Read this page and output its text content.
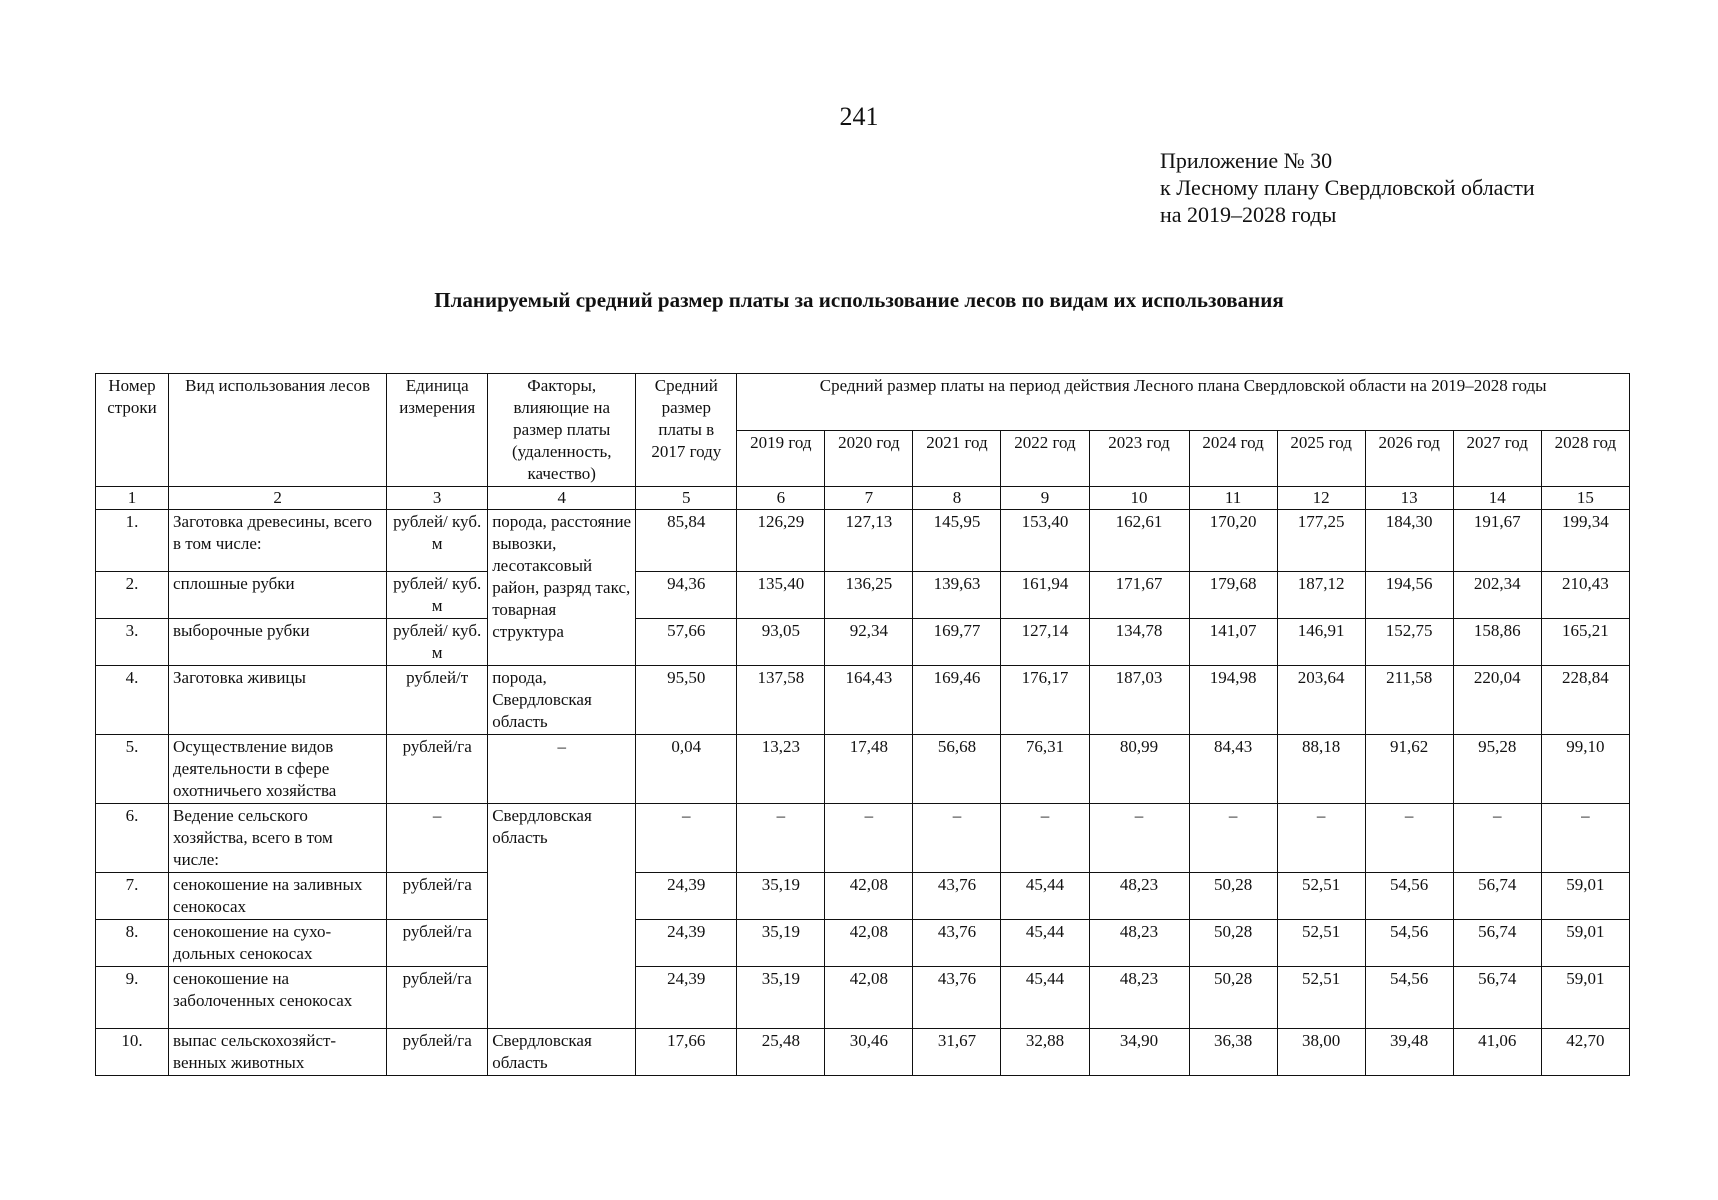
241
Приложение № 30
к Лесному плану Свердловской области
на 2019–2028 годы
Планируемый средний размер платы за использование лесов по видам их использования
Номер строки	Вид использования лесов	Единица измерения	Факторы, влияющие на размер платы (удаленность, качество)	Средний размер платы в 2017 году	Средний размер платы на период действия Лесного плана Свердловской области на 2019–2028 годы									
					2019 год	2020 год	2021 год	2022 год	2023 год	2024 год	2025 год	2026 год	2027 год	2028 год
1	2	3	4	5	6	7	8	9	10	11	12	13	14	15
1.	Заготовка древесины, всего в том числе:	рублей/ куб. м	порода, расстояние вывозки, лесотаксовый район, разряд такс, товарная структура	85,84	126,29	127,13	145,95	153,40	162,61	170,20	177,25	184,30	191,67	199,34
2.	сплошные рубки	рублей/ куб. м		94,36	135,40	136,25	139,63	161,94	171,67	179,68	187,12	194,56	202,34	210,43
3.	выборочные рубки	рублей/ куб. м		57,66	93,05	92,34	169,77	127,14	134,78	141,07	146,91	152,75	158,86	165,21
4.	Заготовка живицы	рублей/т	порода, Свердловская область	95,50	137,58	164,43	169,46	176,17	187,03	194,98	203,64	211,58	220,04	228,84
5.	Осуществление видов деятельности в сфере охотничьего хозяйства	рублей/га	–	0,04	13,23	17,48	56,68	76,31	80,99	84,43	88,18	91,62	95,28	99,10
6.	Ведение сельского хозяйства, всего в том числе:	–	Свердловская область	–	–	–	–	–	–	–	–	–	–	–
7.	сенокошение на заливных сенокосах	рублей/га		24,39	35,19	42,08	43,76	45,44	48,23	50,28	52,51	54,56	56,74	59,01
8.	сенокошение на сухо-дольных сенокосах	рублей/га		24,39	35,19	42,08	43,76	45,44	48,23	50,28	52,51	54,56	56,74	59,01
9.	сенокошение на заболоченных сенокосах	рублей/га		24,39	35,19	42,08	43,76	45,44	48,23	50,28	52,51	54,56	56,74	59,01
10.	выпас сельскохозяйст-венных животных	рублей/га	Свердловская область	17,66	25,48	30,46	31,67	32,88	34,90	36,38	38,00	39,48	41,06	42,70
